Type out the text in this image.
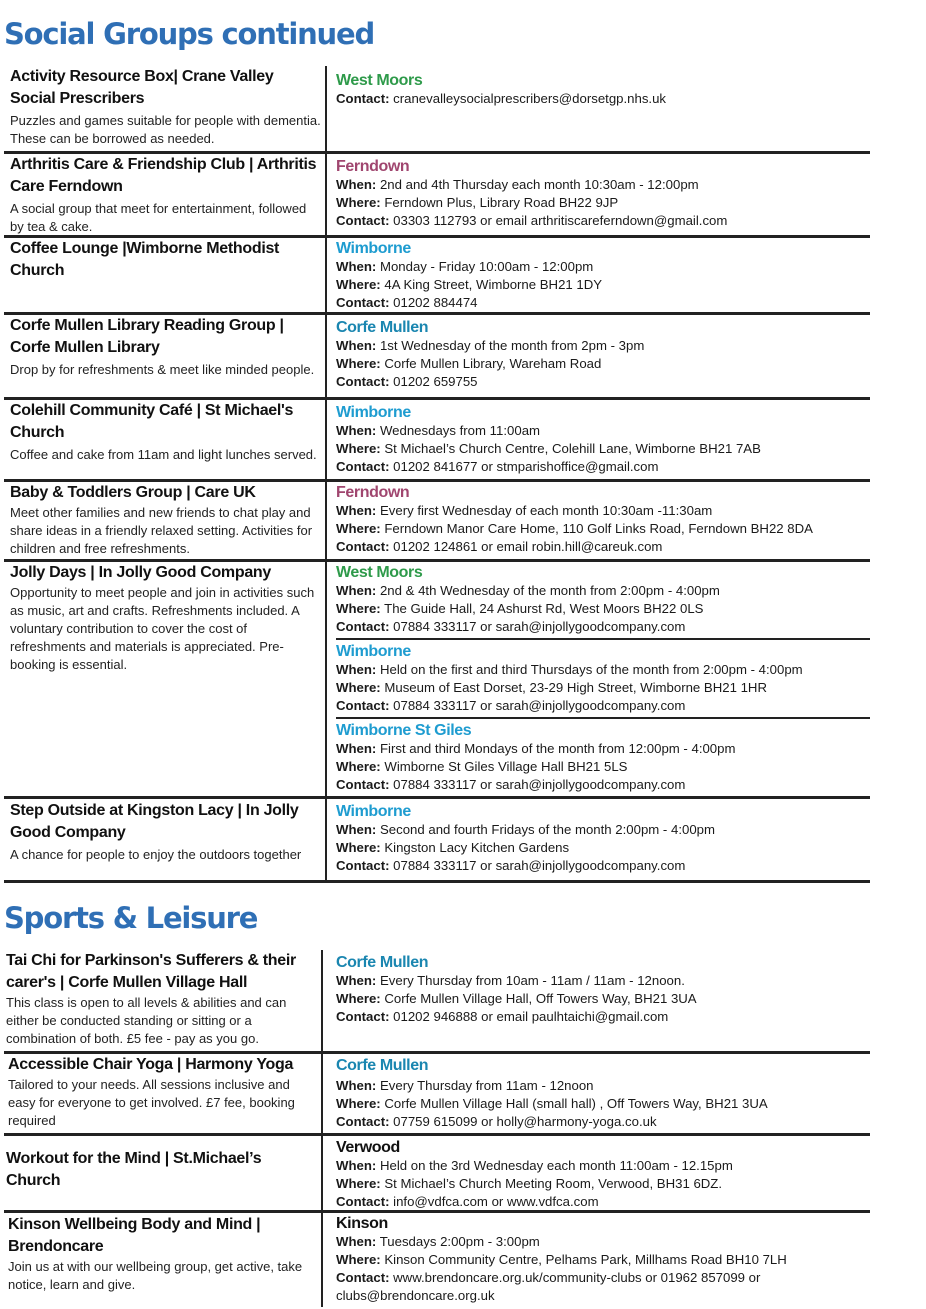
Social Groups continued
Activity Resource Box| Crane Valley Social Prescribers
Puzzles and games suitable for people with dementia. These can be borrowed as needed.
West Moors
Contact: cranevalleysocialprescribers@dorsetgp.nhs.uk
Arthritis Care & Friendship Club | Arthritis Care Ferndown
A social group that meet for entertainment, followed by tea & cake.
Ferndown
When: 2nd and 4th Thursday each month 10:30am - 12:00pm
Where: Ferndown Plus, Library Road BH22 9JP
Contact: 03303 112793 or email arthritiscareferndown@gmail.com
Coffee Lounge |Wimborne Methodist Church
Wimborne
When: Monday - Friday 10:00am - 12:00pm
Where: 4A King Street, Wimborne BH21 1DY
Contact: 01202 884474
Corfe Mullen Library Reading Group | Corfe Mullen Library
Drop by for refreshments & meet like minded people.
Corfe Mullen
When: 1st Wednesday of the month from 2pm - 3pm
Where: Corfe Mullen Library, Wareham Road
Contact: 01202 659755
Colehill Community Café | St Michael's Church
Coffee and cake from 11am and light lunches served.
Wimborne
When: Wednesdays from 11:00am
Where: St Michael’s Church Centre, Colehill Lane, Wimborne BH21 7AB
Contact: 01202 841677 or stmparishoffice@gmail.com
Baby & Toddlers Group | Care UK
Meet other families and new friends to chat play and share ideas in a friendly relaxed setting. Activities for children and free refreshments.
Ferndown
When: Every first Wednesday of each month 10:30am -11:30am
Where: Ferndown Manor Care Home, 110 Golf Links Road, Ferndown BH22 8DA
Contact: 01202 124861 or email robin.hill@careuk.com
Jolly Days | In Jolly Good Company
Opportunity to meet people and join in activities such as music, art and crafts. Refreshments included. A voluntary contribution to cover the cost of refreshments and materials is appreciated. Pre-booking is essential.
West Moors
When: 2nd & 4th Wednesday of the month from 2:00pm - 4:00pm
Where: The Guide Hall, 24 Ashurst Rd, West Moors BH22 0LS
Contact: 07884 333117 or sarah@injollygoodcompany.com
Wimborne
When: Held on the first and third Thursdays of the month from 2:00pm - 4:00pm
Where: Museum of East Dorset, 23-29 High Street, Wimborne BH21 1HR
Contact: 07884 333117 or sarah@injollygoodcompany.com
Wimborne St Giles
When: First and third Mondays of the month from 12:00pm - 4:00pm
Where: Wimborne St Giles Village Hall BH21 5LS
Contact: 07884 333117 or sarah@injollygoodcompany.com
Step Outside at Kingston Lacy | In Jolly Good Company
A chance for people to enjoy the outdoors together
Wimborne
When: Second and fourth Fridays of the month 2:00pm - 4:00pm
Where: Kingston Lacy Kitchen Gardens
Contact: 07884 333117 or sarah@injollygoodcompany.com
Sports & Leisure
Tai Chi for Parkinson's Sufferers & their carer's | Corfe Mullen Village Hall
This class is open to all levels & abilities and can either be conducted standing or sitting or a combination of both. £5 fee - pay as you go.
Corfe Mullen
When: Every Thursday from 10am - 11am / 11am - 12noon.
Where: Corfe Mullen Village Hall, Off Towers Way, BH21 3UA
Contact: 01202 946888 or email paulhtaichi@gmail.com
Accessible Chair Yoga | Harmony Yoga
Tailored to your needs. All sessions inclusive and easy for everyone to get involved. £7 fee, booking required
Corfe Mullen
When: Every Thursday from 11am - 12noon
Where: Corfe Mullen Village Hall (small hall) , Off Towers Way, BH21 3UA
Contact: 07759 615099 or holly@harmony-yoga.co.uk
Workout for the Mind | St.Michael’s Church
Verwood
When: Held on the 3rd Wednesday each month 11:00am - 12.15pm
Where: St Michael’s Church Meeting Room, Verwood, BH31 6DZ.
Contact: info@vdfca.com or www.vdfca.com
Kinson Wellbeing Body and Mind | Brendoncare
Join us at with our wellbeing group, get active, take notice, learn and give.
Kinson
When: Tuesdays 2:00pm - 3:00pm
Where: Kinson Community Centre, Pelhams Park, Millhams Road BH10 7LH
Contact: www.brendoncare.org.uk/community-clubs or 01962 857099 or clubs@brendoncare.org.uk
